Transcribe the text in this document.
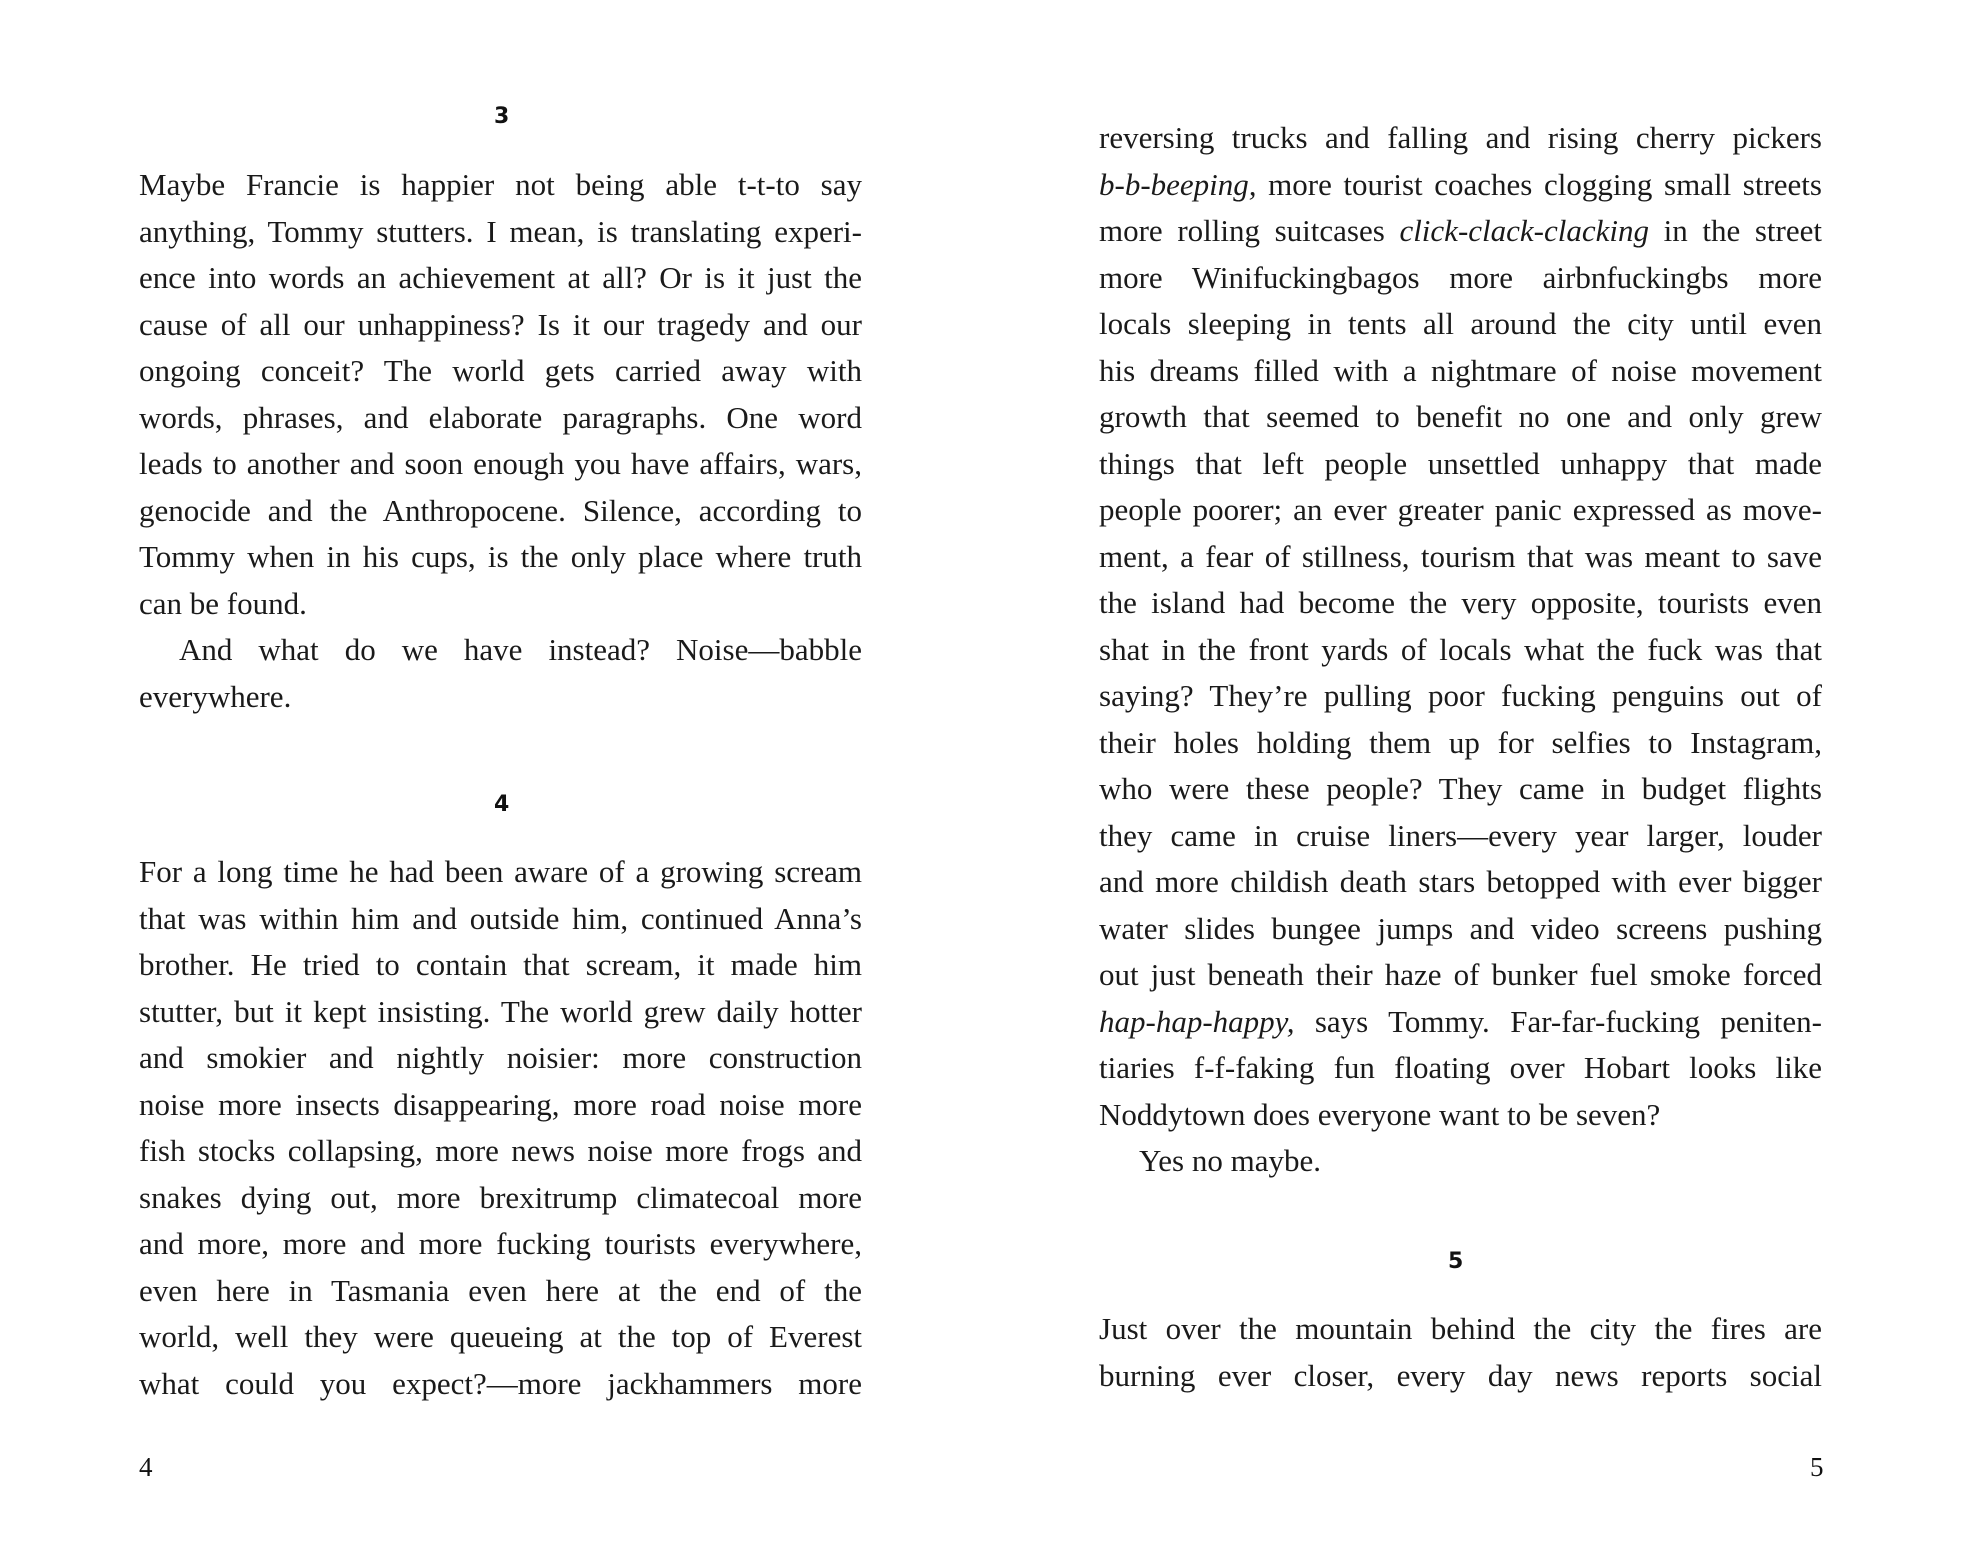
3
Maybe Francie is happier not being able t-t-to say
anything, Tommy stutters. I mean, is translating experi-
ence into words an achievement at all? Or is it just the
cause of all our unhappiness? Is it our tragedy and our
ongoing conceit? The world gets carried away with
words, phrases, and elaborate paragraphs. One word
leads to another and soon enough you have affairs, wars,
genocide and the Anthropocene. Silence, according to
Tommy when in his cups, is the only place where truth
can be found.
And what do we have instead? Noise—babble
everywhere.
4
For a long time he had been aware of a growing scream
that was within him and outside him, continued Anna’s
brother. He tried to contain that scream, it made him
stutter, but it kept insisting. The world grew daily hotter
and smokier and nightly noisier: more construction
noise more insects disappearing, more road noise more
fish stocks collapsing, more news noise more frogs and
snakes dying out, more brexitrump climatecoal more
and more, more and more fucking tourists everywhere,
even here in Tasmania even here at the end of the
world, well they were queueing at the top of Everest
what could you expect?—more jackhammers more
4
reversing trucks and falling and rising cherry pickers
b-b-beeping, more tourist coaches clogging small streets
more rolling suitcases click-clack-clacking in the street
more Winifuckingbagos more airbnfuckingbs more
locals sleeping in tents all around the city until even
his dreams filled with a nightmare of noise movement
growth that seemed to benefit no one and only grew
things that left people unsettled unhappy that made
people poorer; an ever greater panic expressed as move-
ment, a fear of stillness, tourism that was meant to save
the island had become the very opposite, tourists even
shat in the front yards of locals what the fuck was that
saying? They’re pulling poor fucking penguins out of
their holes holding them up for selfies to Instagram,
who were these people? They came in budget flights
they came in cruise liners—every year larger, louder
and more childish death stars betopped with ever bigger
water slides bungee jumps and video screens pushing
out just beneath their haze of bunker fuel smoke forced
hap-hap-happy, says Tommy. Far-far-fucking peniten-
tiaries f-f-faking fun floating over Hobart looks like
Noddytown does everyone want to be seven?
Yes no maybe.
5
Just over the mountain behind the city the fires are
burning ever closer, every day news reports social
5
